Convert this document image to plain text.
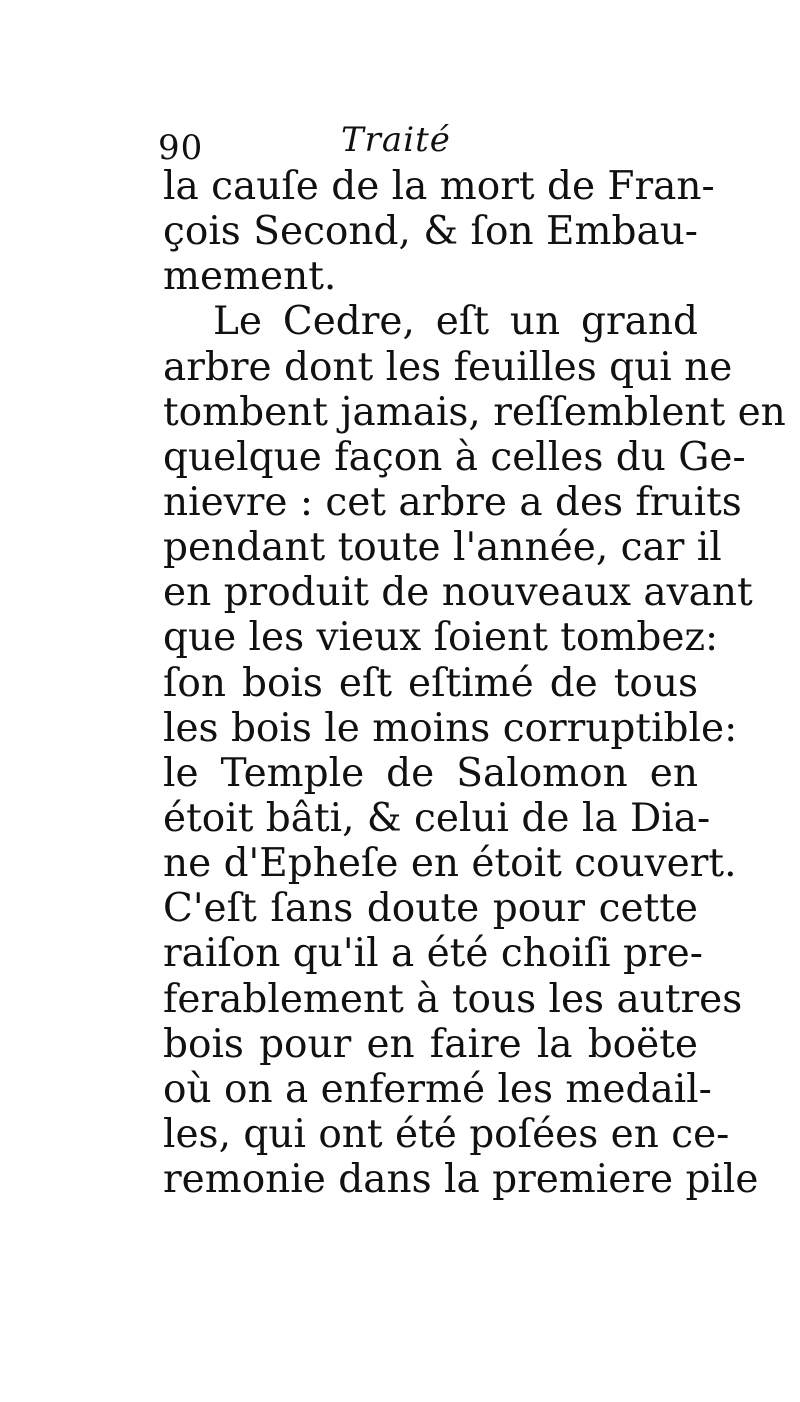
90	Traité
la cauſe de la mort de Fran-
çois Second, & ſon Embau-
mement.
Le Cedre, eſt un grand
arbre dont les feuilles qui ne
tombent jamais, reſſemblent en
quelque façon à celles du Ge-
nievre : cet arbre a des fruits
pendant toute l'année, car il
en produit de nouveaux avant
que les vieux ſoient tombez:
ſon bois eſt eſtimé de tous
les bois le moins corruptible:
le Temple de Salomon en
étoit bâti, & celui de la Dia-
ne d'Epheſe en étoit couvert.
C'eſt ſans doute pour cette
raiſon qu'il a été choiſi pre-
ferablement à tous les autres
bois pour en faire la boëte
où on a enfermé les medail-
les, qui ont été poſées en ce-
remonie dans la premiere pile
